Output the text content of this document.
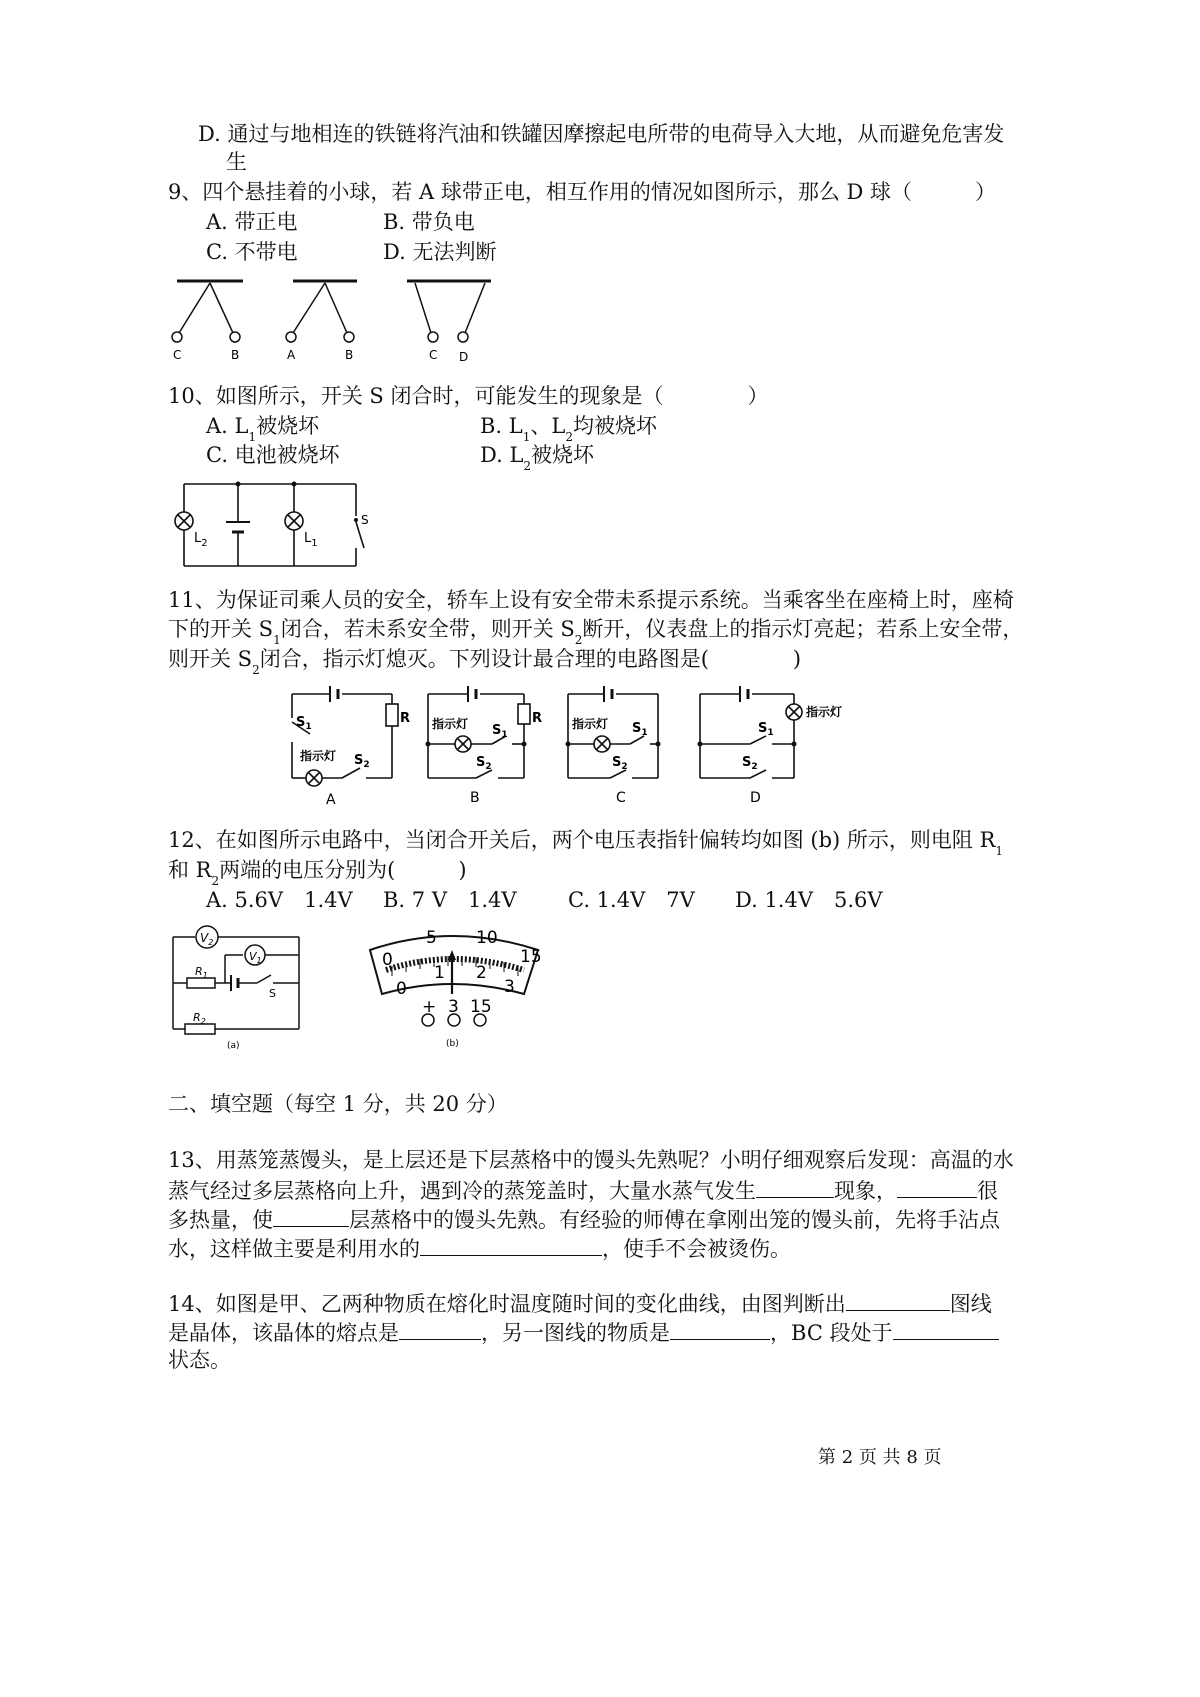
D. 通过与地相连的铁链将汽油和铁罐因摩擦起电所带的电荷导入大地，从而避免危害发
生
9、四个悬挂着的小球，若 A 球带正电，相互作用的情况如图所示，那么 D 球（　　　）
A. 带正电	B. 带负电
C. 不带电	D. 无法判断
C	B	A	B	C D
10、如图所示，开关 S 闭合时，可能发生的现象是（　　　　）
A. $L_1$被烧坏	B. $L_1$、$L_2$均被烧坏
C. 电池被烧坏	D. $L_2$被烧坏
$L_2$	$L_1$
S
11、为保证司乘人员的安全，轿车上设有安全带未系提示系统。当乘客坐在座椅上时，座椅
下的开关 $S_1$闭合，若未系安全带，则开关 $S_2$断开，仪表盘上的指示灯亮起；若系上安全带，
则开关 $S_2$闭合，指示灯熄灭。下列设计最合理的电路图是(　　　　)
$S_1$
R
指示灯 $S_2$
指示灯 $S_1$
R
$S_2$
指示灯 $S_1$
$S_2$
$S_1$
指示灯
$S_2$
A	B	C	D
12、在如图所示电路中，当闭合开关后，两个电压表指针偏转均如图 (b) 所示，则电阻 $R_1$
和 $R_2$两端的电压分别为(　　　)
A. 5.6V　1.4V B. 7 V　1.4V C. 1.4V　7V D. 1.4V　5.6V
$V_2$
$V_1$
$R_1$
S
$R_2$
(a)
0
5 10
15
0
1 2
3
+ 3 15
(b)
二、填空题（每空 1 分，共 20 分）
13、用蒸笼蒸馒头，是上层还是下层蒸格中的馒头先熟呢？小明仔细观察后发现：高温的水
蒸气经过多层蒸格向上升，遇到冷的蒸笼盖时，大量水蒸气发生	现象，	很
多热量，使	层蒸格中的馒头先熟。有经验的师傅在拿刚出笼的馒头前，先将手沾点
水，这样做主要是利用水的	，使手不会被烫伤。
14、如图是甲、乙两种物质在熔化时温度随时间的变化曲线，由图判断出	图线
是晶体，该晶体的熔点是	，另一图线的物质是	，BC 段处于
状态。
第 2 页 共 8 页
